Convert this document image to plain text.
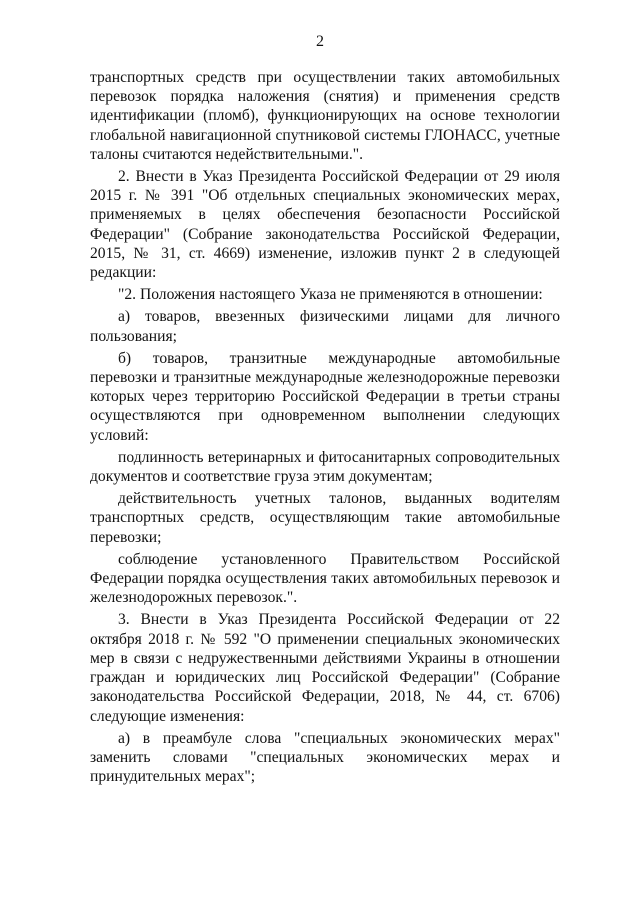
2

транспортных средств при осуществлении таких автомобильных перевозок порядка наложения (снятия) и применения средств идентификации (пломб), функционирующих на основе технологии глобальной навигационной спутниковой системы ГЛОНАСС, учетные талоны считаются недействительными.".

2. Внести в Указ Президента Российской Федерации от 29 июля 2015 г. № 391 "Об отдельных специальных экономических мерах, применяемых в целях обеспечения безопасности Российской Федерации" (Собрание законодательства Российской Федерации, 2015, № 31, ст. 4669) изменение, изложив пункт 2 в следующей редакции:

"2. Положения настоящего Указа не применяются в отношении:

а) товаров, ввезенных физическими лицами для личного пользования;

б) товаров, транзитные международные автомобильные перевозки и транзитные международные железнодорожные перевозки которых через территорию Российской Федерации в третьи страны осуществляются при одновременном выполнении следующих условий:

подлинность ветеринарных и фитосанитарных сопроводительных документов и соответствие груза этим документам;

действительность учетных талонов, выданных водителям транспортных средств, осуществляющим такие автомобильные перевозки;

соблюдение установленного Правительством Российской Федерации порядка осуществления таких автомобильных перевозок и железнодорожных перевозок.".

3. Внести в Указ Президента Российской Федерации от 22 октября 2018 г. № 592 "О применении специальных экономических мер в связи с недружественными действиями Украины в отношении граждан и юридических лиц Российской Федерации" (Собрание законодательства Российской Федерации, 2018, № 44, ст. 6706) следующие изменения:

а) в преамбуле слова "специальных экономических мерах" заменить словами "специальных экономических мерах и принудительных мерах";
